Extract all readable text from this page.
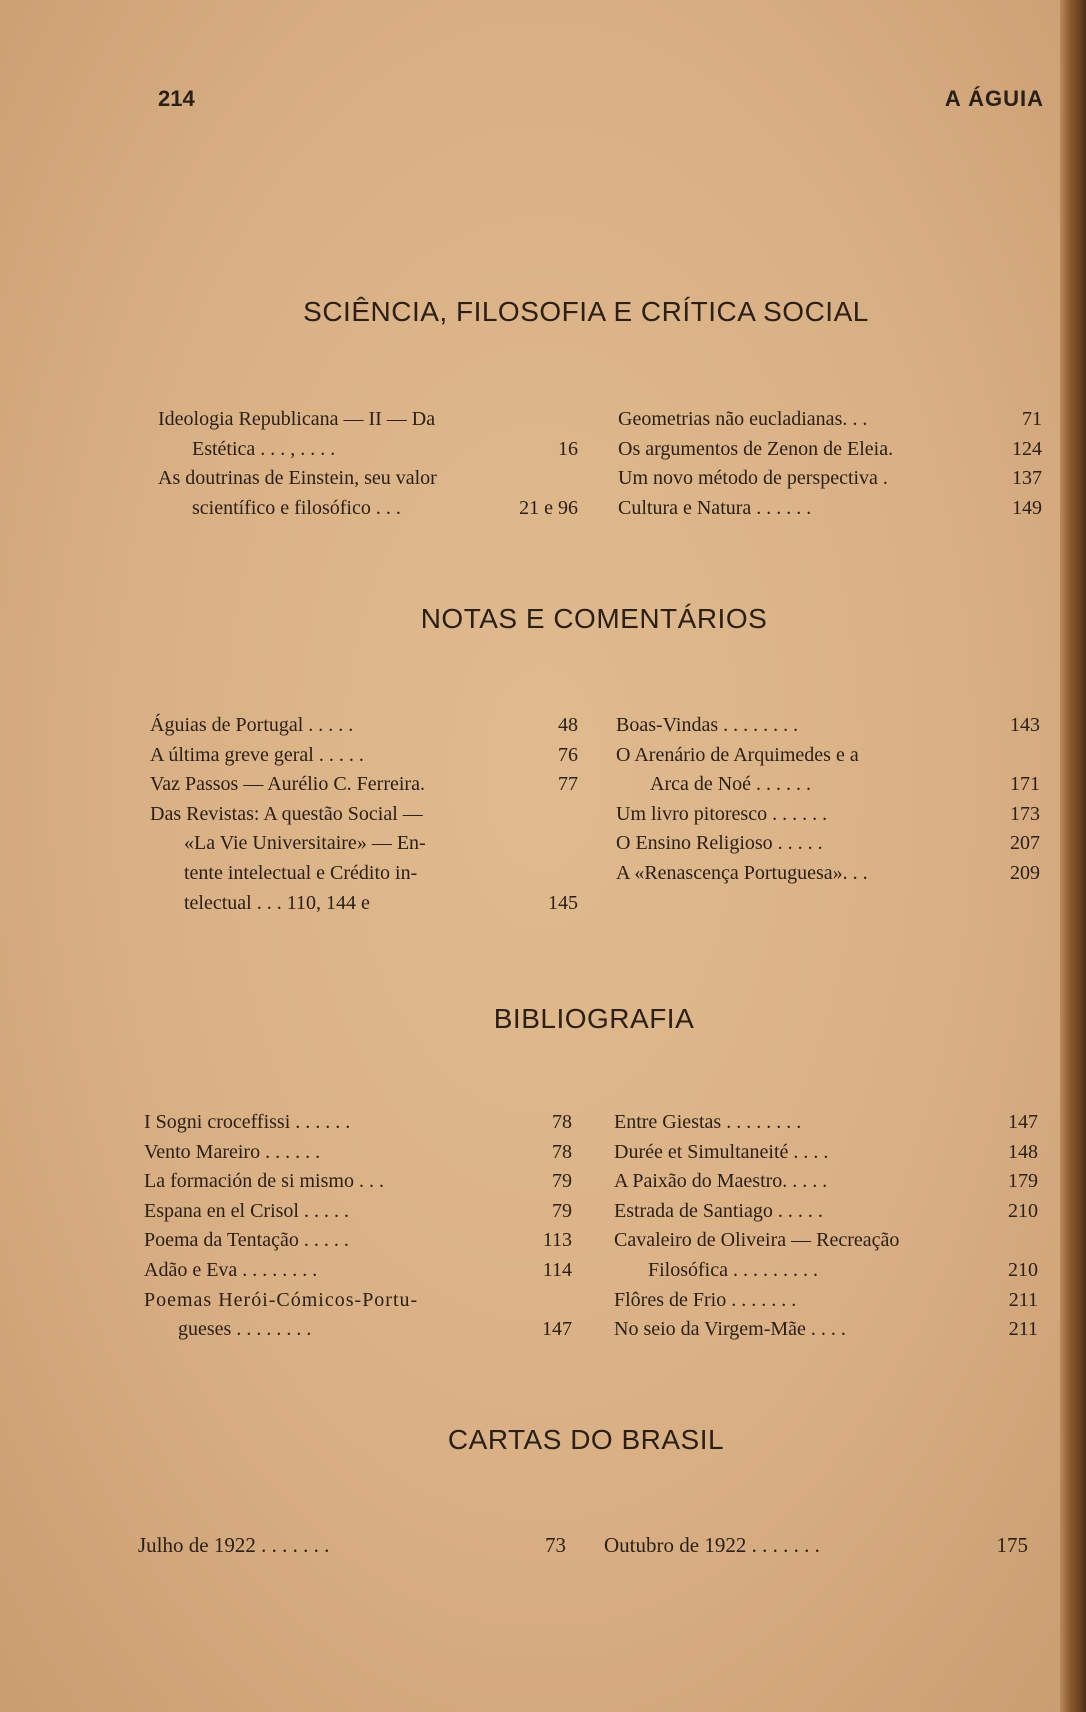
214	A ÁGUIA
SCIÊNCIA, FILOSOFIA E CRÍTICA SOCIAL
Ideologia Republicana — II — Da
Estética . . . , . . . .	16
As doutrinas de Einstein, seu valor
scientífico e filosófico . . .	21 e 96
Geometrias não eucladianas. . .	71
Os argumentos de Zenon de Eleia.	124
Um novo método de perspectiva .	137
Cultura e Natura . . . . . .	149
NOTAS E COMENTÁRIOS
Águias de Portugal . . . . .	48
A última greve geral . . . . .	76
Vaz Passos — Aurélio C. Ferreira.	77
Das Revistas: A questão Social —
«La Vie Universitaire» — En-
tente intelectual e Crédito in-
telectual . . . 110, 144 e	145
Boas-Vindas . . . . . . . .	143
O Arenário de Arquimedes e a
Arca de Noé . . . . . .	171
Um livro pitoresco . . . . . .	173
O Ensino Religioso . . . . .	207
A «Renascença Portuguesa». . .	209
BIBLIOGRAFIA
I Sogni croceffissi . . . . . .	78
Vento Mareiro . . . . . .	78
La formación de si mismo . . .	79
Espana en el Crisol . . . . .	79
Poema da Tentação . . . . .	113
Adão e Eva . . . . . . . .	114
Poemas Herói-Cómicos-Portu-
gueses . . . . . . . .	147
Entre Giestas . . . . . . . .	147
Durée et Simultaneité . . . .	148
A Paixão do Maestro. . . . .	179
Estrada de Santiago . . . . .	210
Cavaleiro de Oliveira — Recreação
Filosófica . . . . . . . . .	210
Flôres de Frio . . . . . . .	211
No seio da Virgem-Mãe . . . .	211
CARTAS DO BRASIL
Julho de 1922 . . . . . . .	73 Outubro de 1922 . . . . . . .	175
